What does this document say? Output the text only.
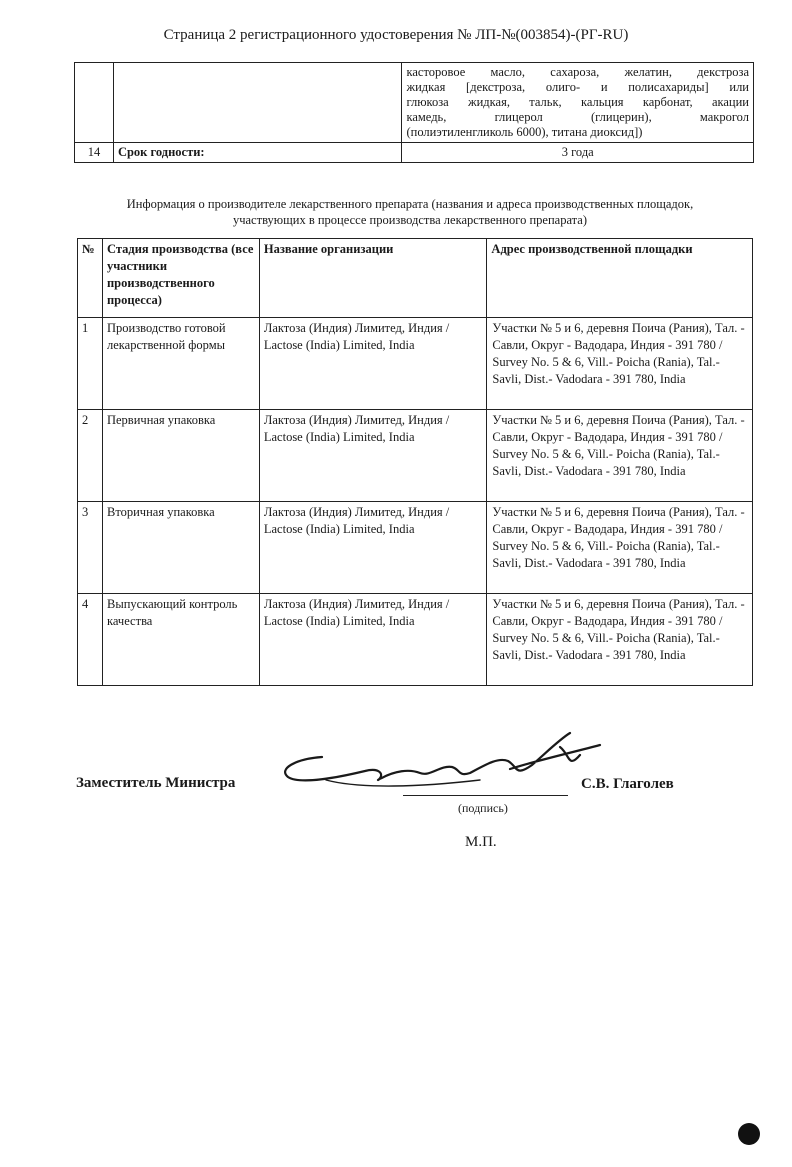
Страница 2 регистрационного удостоверения № ЛП-№(003854)-(РГ-RU)

		касторовое масло, сахароза, желатин, декстроза
жидкая [декстроза, олиго- и полисахариды] или
глюкоза жидкая, тальк, кальция карбонат, акации
камедь, глицерол (глицерин), макрогол
(полиэтиленгликоль 6000), титана диоксид])

14	Срок годности:	3 года
Информация о производителе лекарственного препарата (названия и адреса производственных площадок,
участвующих в процессе производства лекарственного препарата)
№	Стадия производства (все участники производственного процесса)	Название организации	Адрес производственной площадки
1	Производство готовой лекарственной формы	Лактоза (Индия) Лимитед, Индия / Lactose (India) Limited, India	Участки № 5 и 6, деревня Поича (Рания), Тал. - Савли, Округ - Вадодара, Индия - 391 780 / Survey No. 5 & 6, Vill.- Poicha (Rania), Tal.- Savli, Dist.- Vadodara - 391 780, India
2	Первичная упаковка	Лактоза (Индия) Лимитед, Индия / Lactose (India) Limited, India	Участки № 5 и 6, деревня Поича (Рания), Тал. - Савли, Округ - Вадодара, Индия - 391 780 / Survey No. 5 & 6, Vill.- Poicha (Rania), Tal.- Savli, Dist.- Vadodara - 391 780, India
3	Вторичная упаковка	Лактоза (Индия) Лимитед, Индия / Lactose (India) Limited, India	Участки № 5 и 6, деревня Поича (Рания), Тал. - Савли, Округ - Вадодара, Индия - 391 780 / Survey No. 5 & 6, Vill.- Poicha (Rania), Tal.- Savli, Dist.- Vadodara - 391 780, India
4	Выпускающий контроль качества	Лактоза (Индия) Лимитед, Индия / Lactose (India) Limited, India	Участки № 5 и 6, деревня Поича (Рания), Тал. - Савли, Округ - Вадодара, Индия - 391 780 / Survey No. 5 & 6, Vill.- Poicha (Rania), Tal.- Savli, Dist.- Vadodara - 391 780, India
Заместитель Министра	С.В. Глаголев
(подпись)
М.П.
